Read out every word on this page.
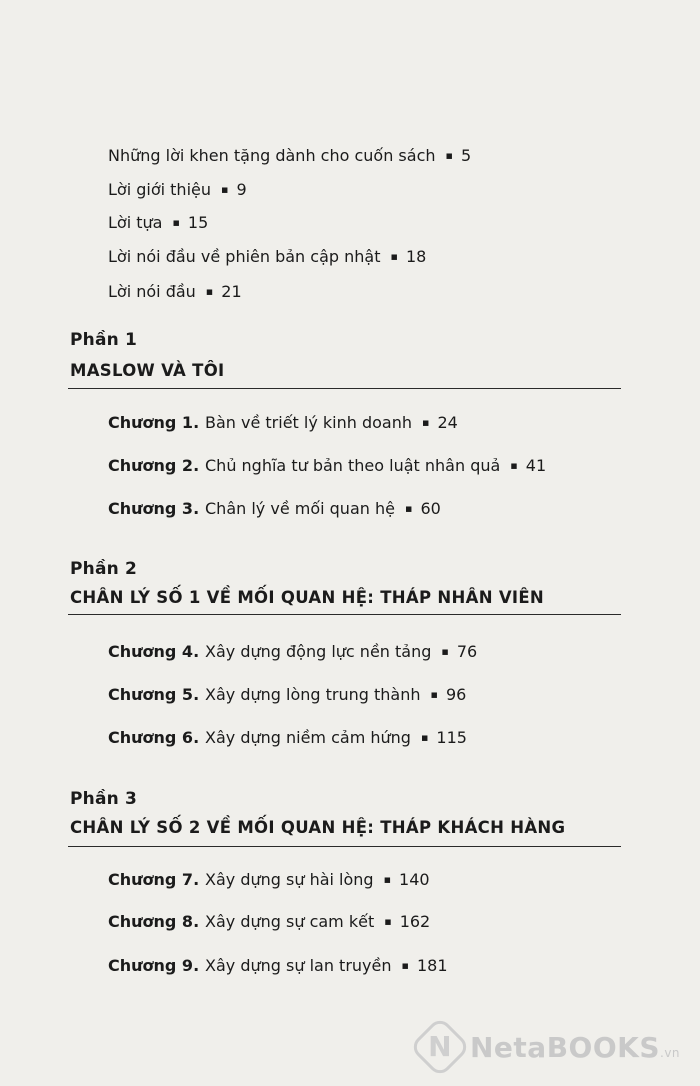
Những lời khen tặng dành cho cuốn sách ▪ 5
Lời giới thiệu ▪ 9
Lời tựa ▪ 15
Lời nói đầu về phiên bản cập nhật ▪ 18
Lời nói đầu ▪ 21
Phần 1
MASLOW VÀ TÔI
Chương 1. Bàn về triết lý kinh doanh ▪ 24
Chương 2. Chủ nghĩa tư bản theo luật nhân quả ▪ 41
Chương 3. Chân lý về mối quan hệ ▪ 60
Phần 2
CHÂN LÝ SỐ 1 VỀ MỐI QUAN HỆ: THÁP NHÂN VIÊN
Chương 4. Xây dựng động lực nền tảng ▪ 76
Chương 5. Xây dựng lòng trung thành ▪ 96
Chương 6. Xây dựng niềm cảm hứng ▪ 115
Phần 3
CHÂN LÝ SỐ 2 VỀ MỐI QUAN HỆ: THÁP KHÁCH HÀNG
Chương 7. Xây dựng sự hài lòng ▪ 140
Chương 8. Xây dựng sự cam kết ▪ 162
Chương 9. Xây dựng sự lan truyền ▪ 181
N NetaBOOKS.vn
